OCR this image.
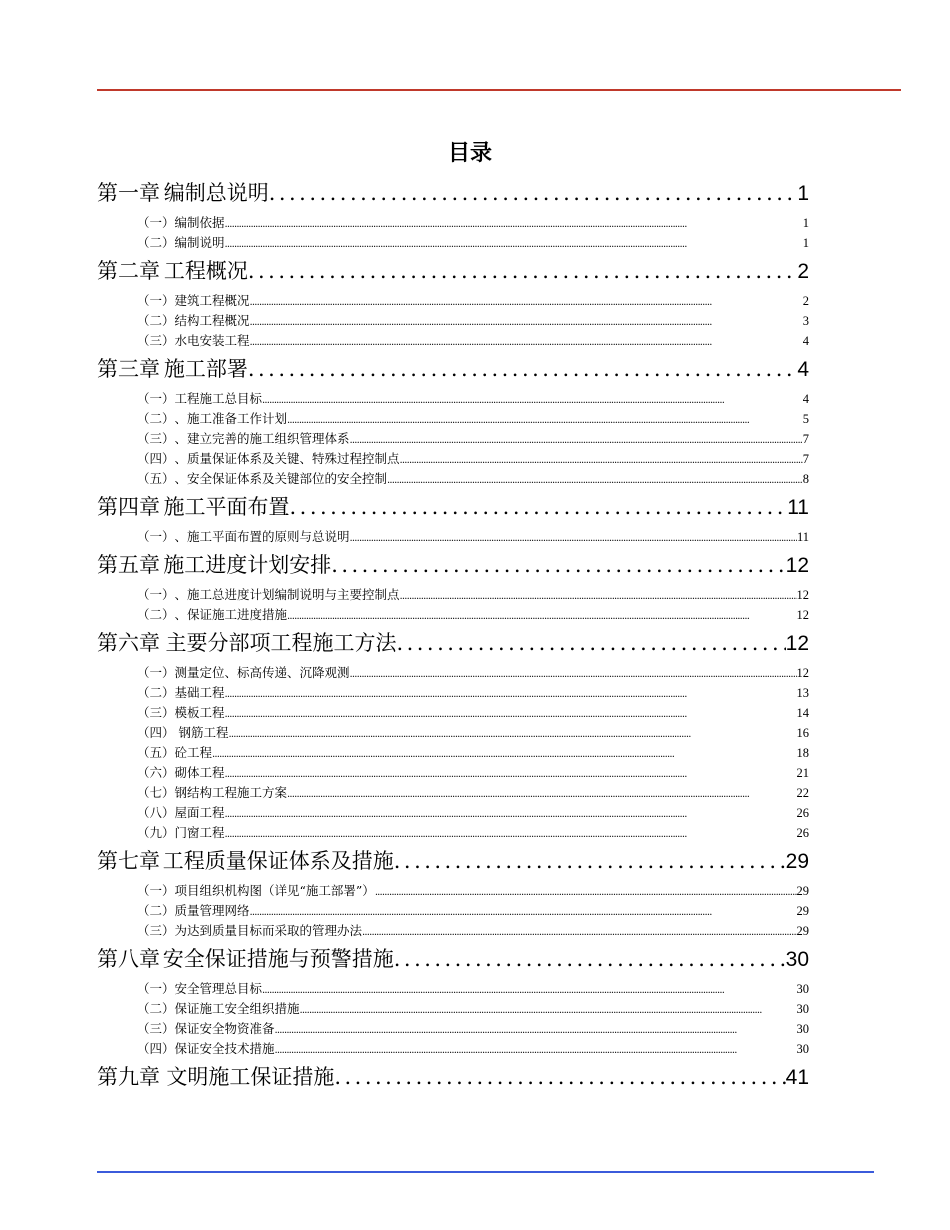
目录
第一章 编制总说明 . . .	1
（一） 编制依据 . . .	1
（二） 编制说明 . . .	1
第二章 工程概况 . . .	2
（一） 建筑工程概况 . . .	2
（二） 结构工程概况 . . .	3
（三） 水电安装工程 . . .	4
第三章 施工部署 . . .	4
（一） 工程施工总目标 . . .	4
（二） 、施工准备工作计划 . . .	5
（三） 、建立完善的施工组织管理体系 . . .	7
（四） 、质量保证体系及关键、特殊过程控制点 . . .	7
（五） 、安全保证体系及关键部位的安全控制 . . .	8
第四章 施工平面布置 . . .	11
（一） 、施工平面布置的原则与总说明 . . .	11
第五章 施工进度计划安排 . . .	12
（一） 、施工总进度计划编制说明与主要控制点 . . .	12
（二） 、保证施工进度措施 . . .	12
第六章 主要分部项工程施工方法 . . .	12
（一） 测量定位、标高传递、沉降观测 . . .	12
（二） 基础工程 . . .	13
（三） 模板工程 . . .	14
（四） 钢筋工程 . . .	16
（五） 砼工程 . . .	18
（六） 砌体工程 . . .	21
（七） 钢结构工程施工方案 . . .	22
（八） 屋面工程 . . .	26
（九） 门窗工程 . . .	26
第七章 工程质量保证体系及措施 . . .	29
（一） 项目组织机构图（详见“施工部署”） . . .	29
（二） 质量管理网络 . . .	29
（三） 为达到质量目标而采取的管理办法 . . .	29
第八章 安全保证措施与预警措施 . . .	30
（一） 安全管理总目标 . . .	30
（二） 保证施工安全组织措施 . . .	30
（三） 保证安全物资准备 . . .	30
（四） 保证安全技术措施 . . .	30
第九章 文明施工保证措施 . . .	41
